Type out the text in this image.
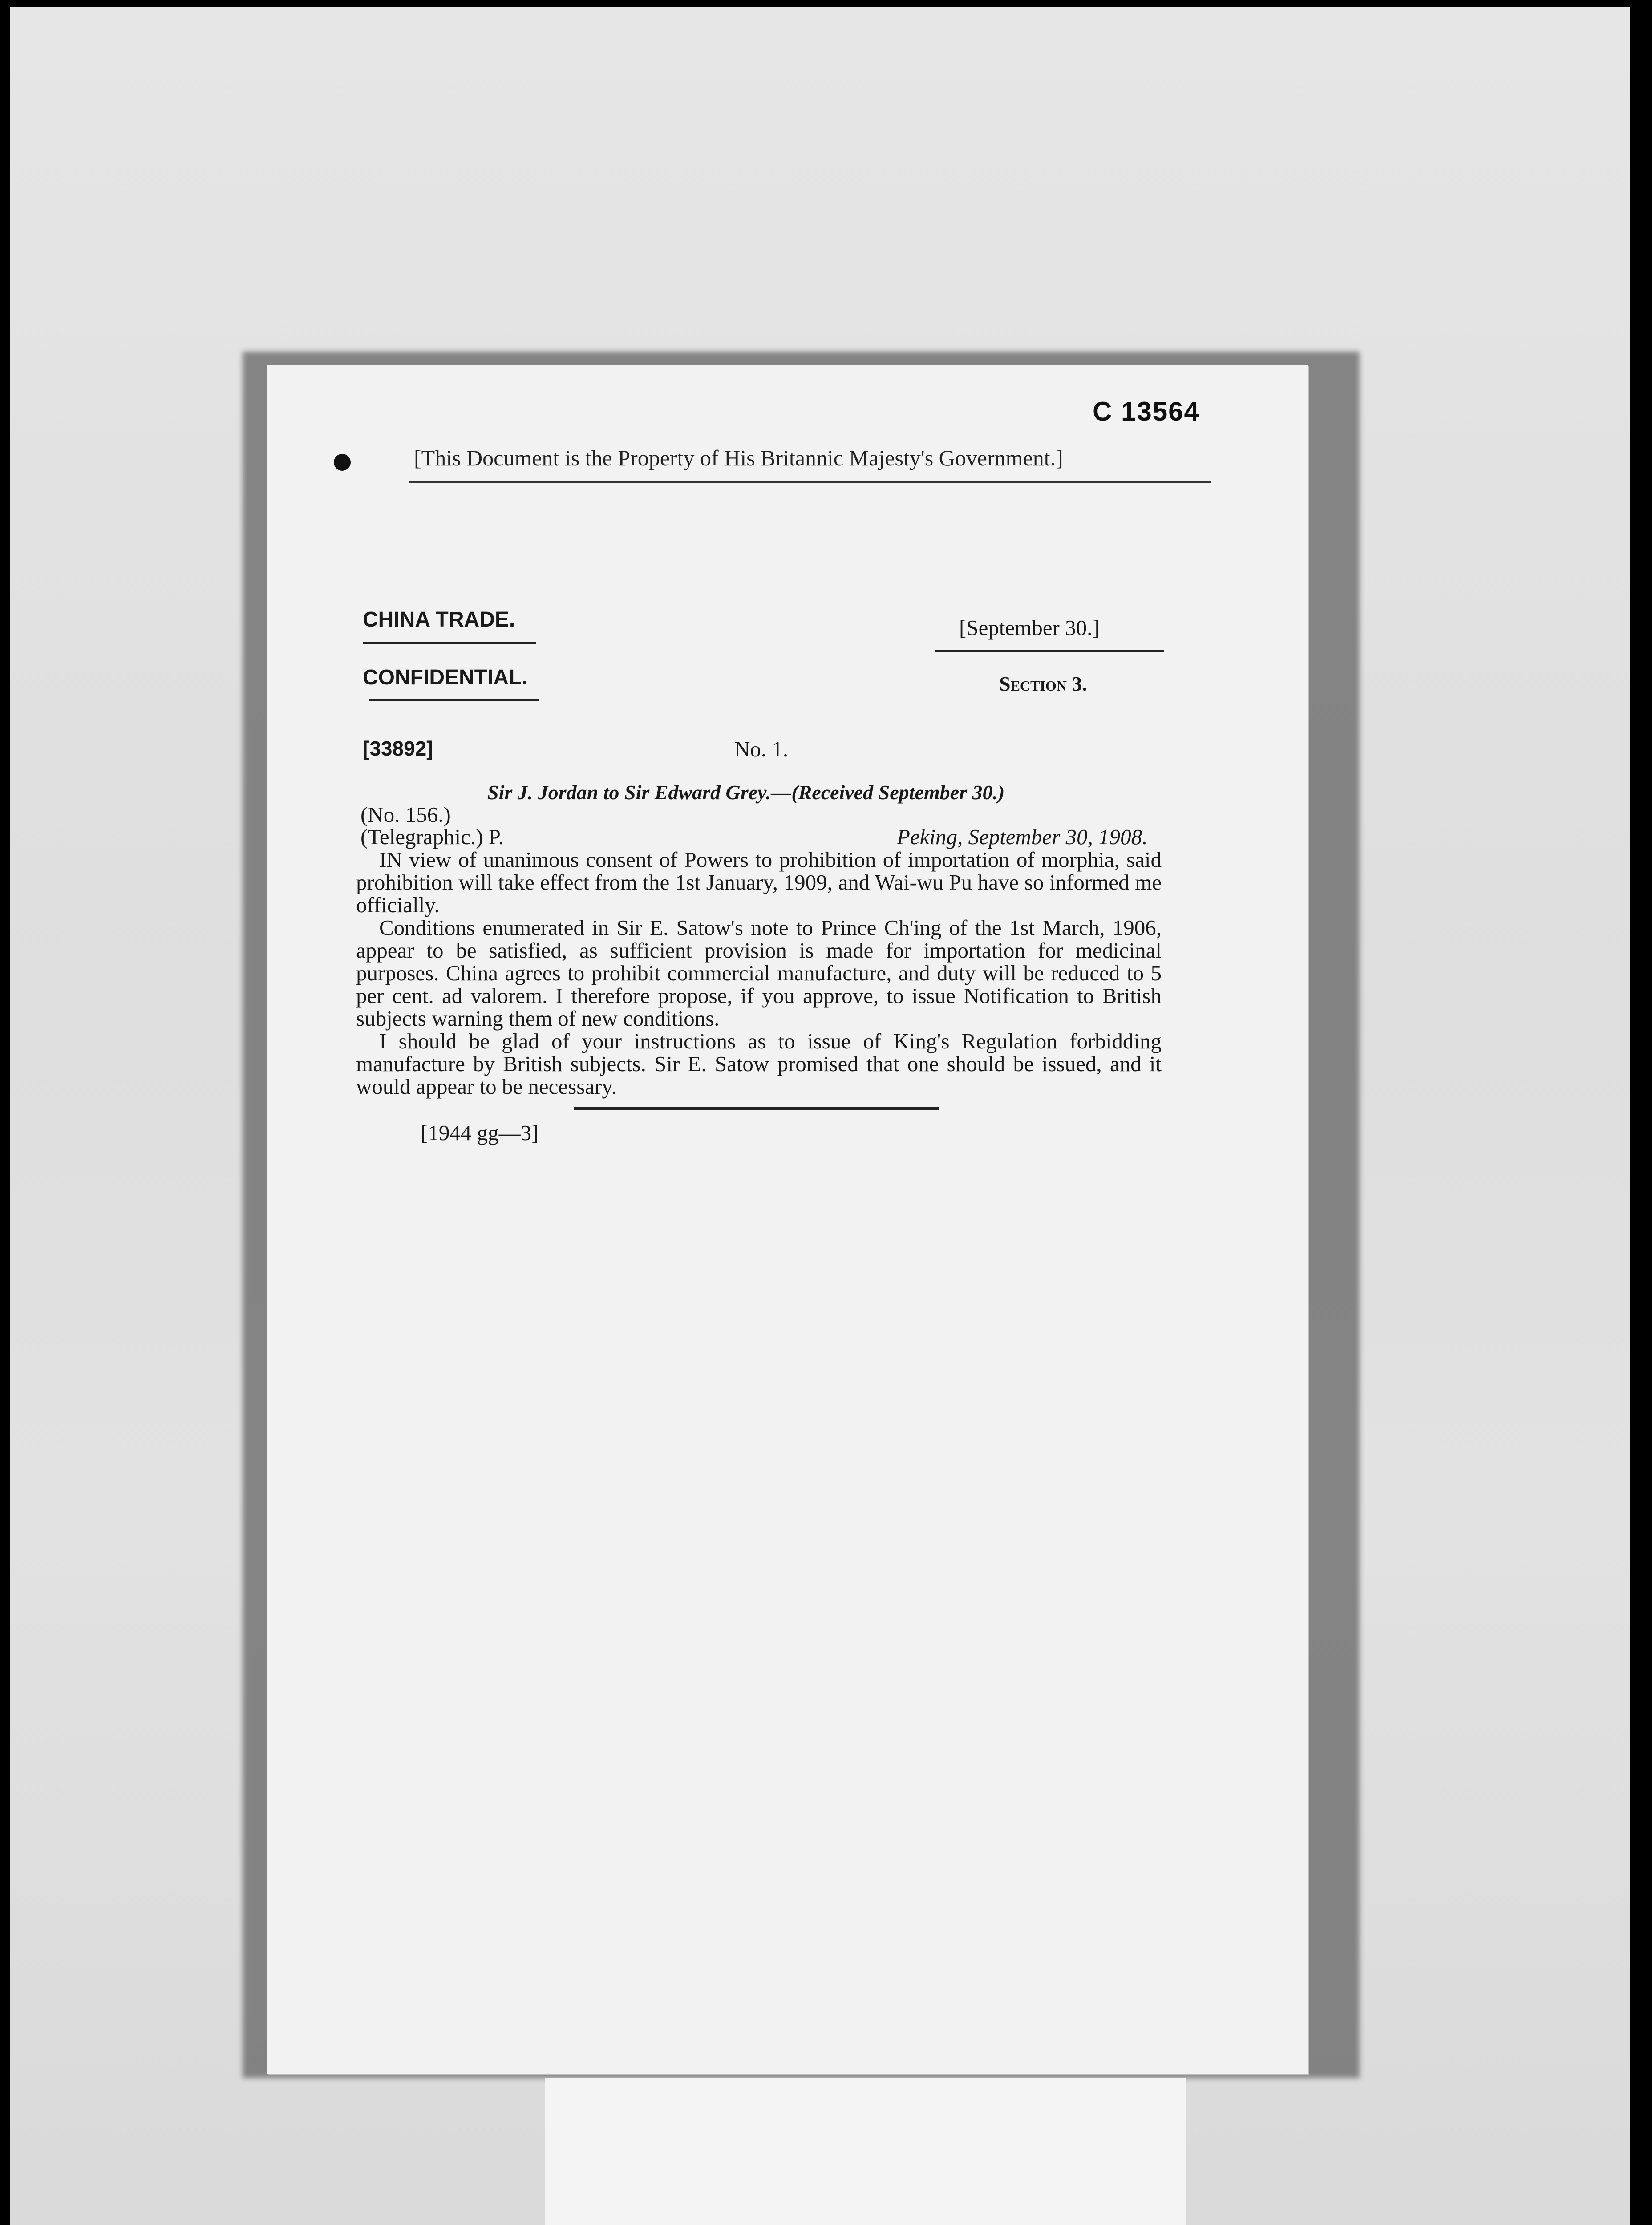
C 13564
[This Document is the Property of His Britannic Majesty's Government.]
CHINA TRADE.
CONFIDENTIAL.
[September 30.]
Section 3.
[33892]	No. 1.
Sir J. Jordan to Sir Edward Grey.—(Received September 30.)
(No. 156.)
(Telegraphic.) P.	Peking, September 30, 1908.

IN view of unanimous consent of Powers to prohibition of importation of morphia, said prohibition will take effect from the 1st January, 1909, and Wai-wu Pu have so informed me officially.

Conditions enumerated in Sir E. Satow's note to Prince Ch'ing of the 1st March, 1906, appear to be satisfied, as sufficient provision is made for importation for medicinal purposes. China agrees to prohibit commercial manufacture, and duty will be reduced to 5 per cent. ad valorem. I therefore propose, if you approve, to issue Notification to British subjects warning them of new conditions.

I should be glad of your instructions as to issue of King's Regulation forbidding manufacture by British subjects. Sir E. Satow promised that one should be issued, and it would appear to be necessary.

[1944 gg—3]
